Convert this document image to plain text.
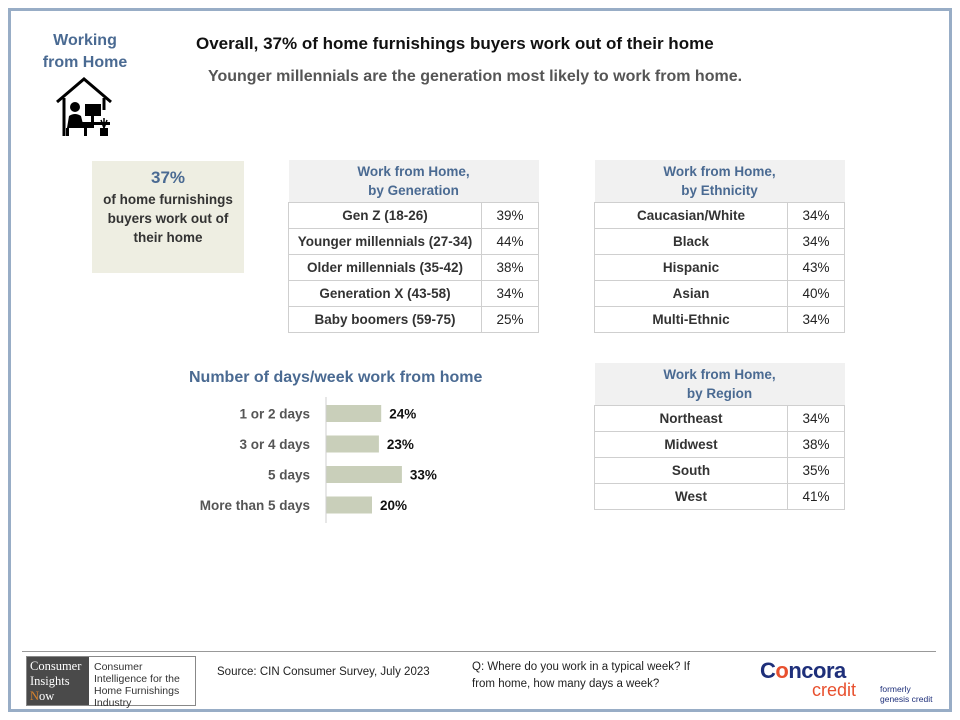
Working
from Home
Overall, 37% of home furnishings buyers work out of their home
Younger millennials are the generation most likely to work from home.
37%
of home furnishings buyers work out of their home
Work from Home,
by Generation	

Gen Z (18-26)	39%
Younger millennials (27-34)	44%
Older millennials (35-42)	38%
Generation X (43-58)	34%
Baby boomers (59-75)	25%
Work from Home,
by Ethnicity	

Caucasian/White	34%
Black	34%
Hispanic	43%
Asian	40%
Multi-Ethnic	34%
Work from Home,
by Region	

Northeast	34%
Midwest	38%
South	35%
West	41%
Number of days/week work from home
1 or 2 days	24%
3 or 4 days	23%
5 days	33%
More than 5 days	20%
Consumer
Insights
Now
Consumer Intelligence for the Home Furnishings Industry
Source: CIN Consumer Survey, July 2023	Q: Where do you work in a typical week? If from home, how many days a week?
Concora
credit	formerly
genesis credit
